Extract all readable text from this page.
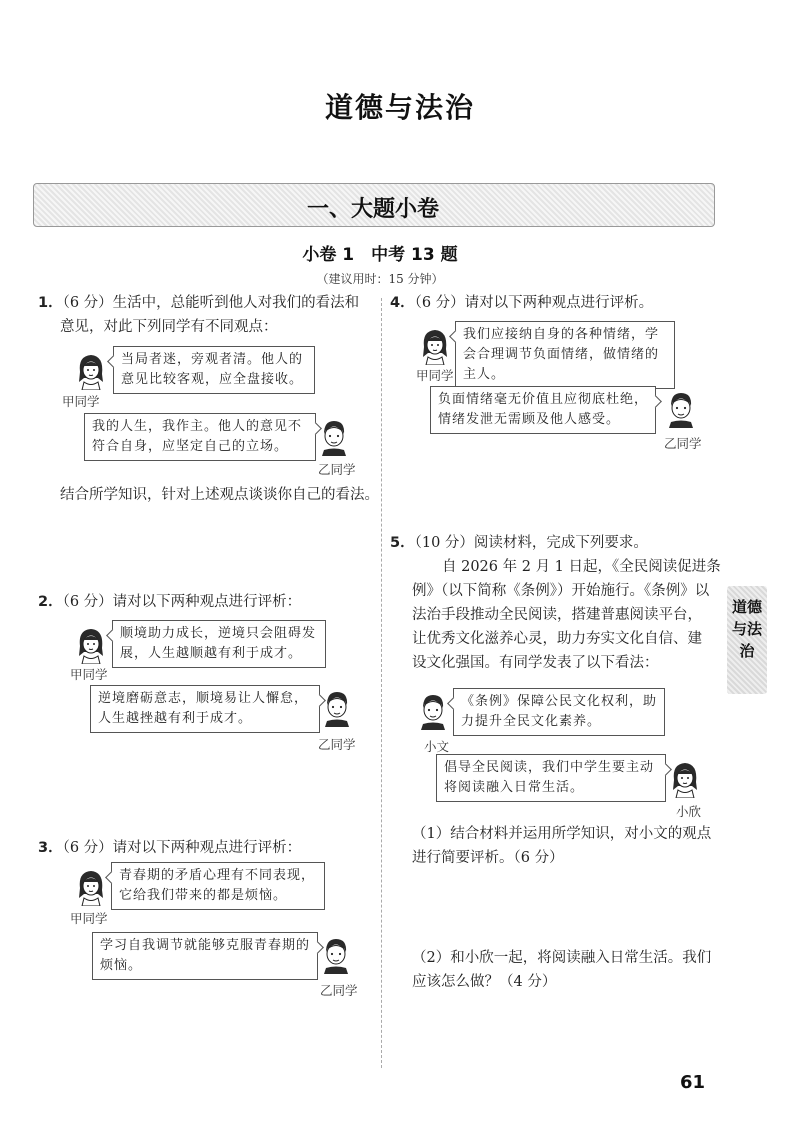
道德与法治
一、大题小卷
小卷 1　中考 13 题
（建议用时：15 分钟）
道德与法治
1．（6 分）生活中，总能听到他人对我们的看法和
意见，对此下列同学有不同观点：
当局者迷，旁观者清。他人的意见比较客观，应全盘接收。
甲同学
我的人生，我作主。他人的意见不符合自身，应坚定自己的立场。
乙同学
结合所学知识，针对上述观点谈谈你自己的看法。
2．（6 分）请对以下两种观点进行评析：
顺境助力成长，逆境只会阻碍发展，人生越顺越有利于成才。
甲同学
逆境磨砺意志，顺境易让人懈怠，人生越挫越有利于成才。
乙同学
3．（6 分）请对以下两种观点进行评析：
青春期的矛盾心理有不同表现，它给我们带来的都是烦恼。
甲同学
学习自我调节就能够克服青春期的烦恼。
乙同学
4．（6 分）请对以下两种观点进行评析。
我们应接纳自身的各种情绪，学会合理调节负面情绪，做情绪的主人。
甲同学
负面情绪毫无价值且应彻底杜绝，情绪发泄无需顾及他人感受。
乙同学
5．（10 分）阅读材料，完成下列要求。
自 2026 年 2 月 1 日起，《全民阅读促进条
例》（以下简称《条例》）开始施行。《条例》以
法治手段推动全民阅读，搭建普惠阅读平台，
让优秀文化滋养心灵，助力夯实文化自信、建
设文化强国。有同学发表了以下看法：
《条例》保障公民文化权利，助力提升全民文化素养。
小文
倡导全民阅读，我们中学生要主动将阅读融入日常生活。
小欣
（1）结合材料并运用所学知识，对小文的观点
进行简要评析。（6 分）
（2）和小欣一起，将阅读融入日常生活。我们
应该怎么做？（4 分）
61
